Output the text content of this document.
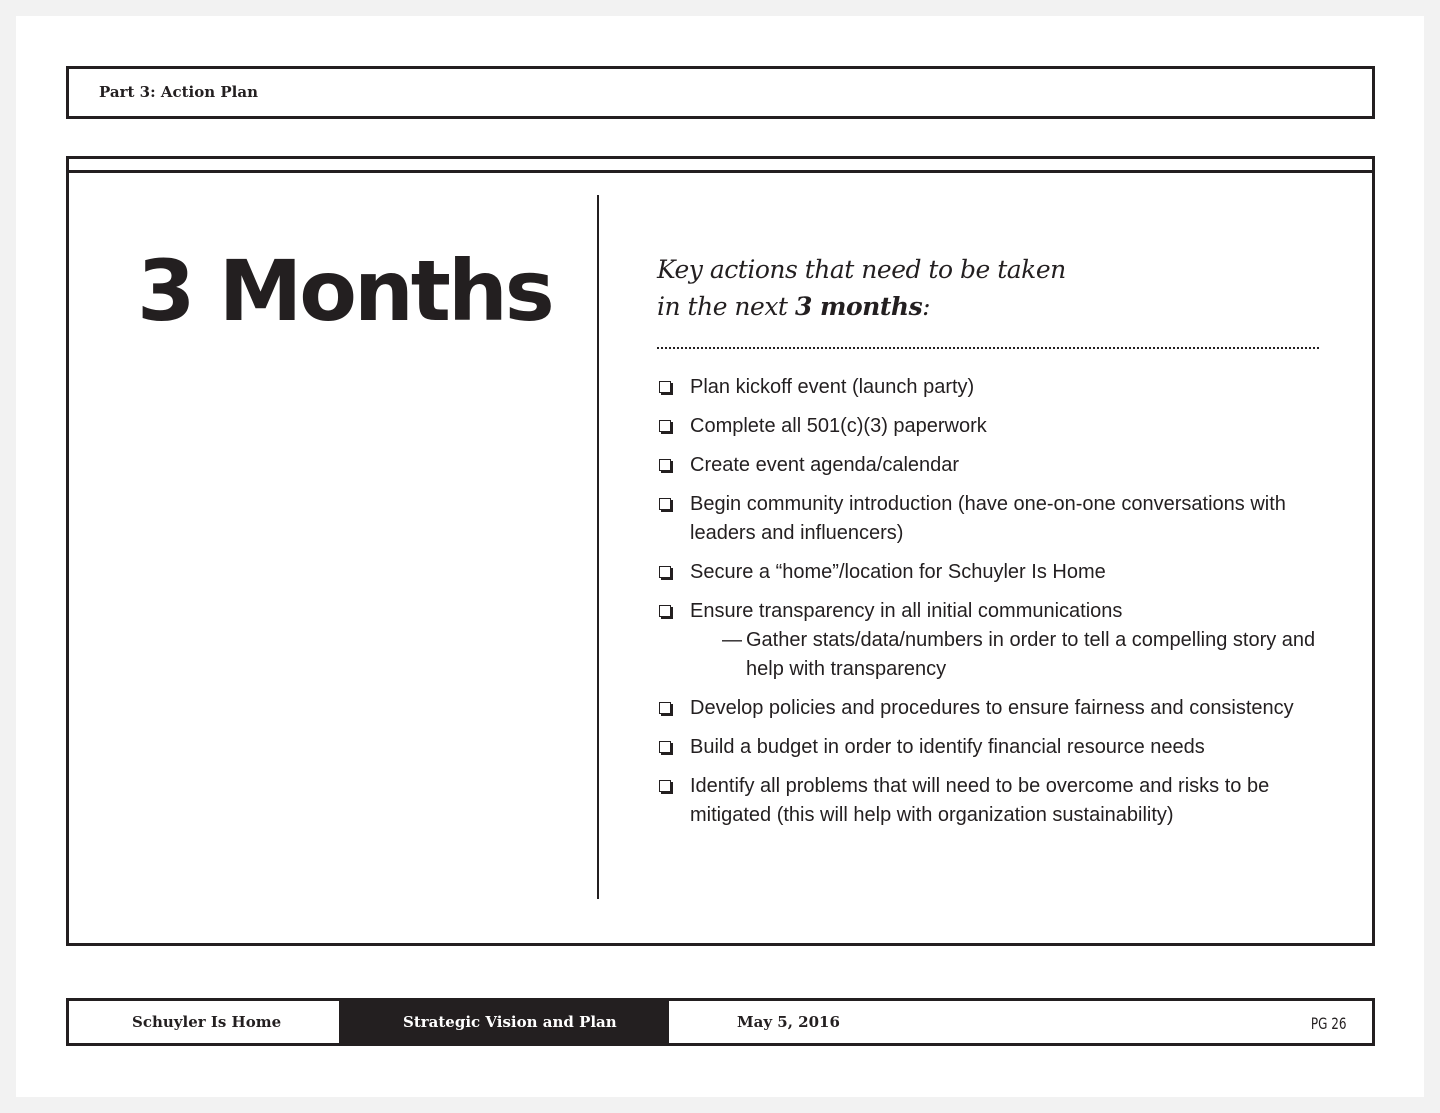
Part 3: Action Plan
3 Months	Key actions that need to be taken
in the next 3 months:
Plan kickoff event (launch party)
Complete all 501(c)(3) paperwork
Create event agenda/calendar
Begin community introduction (have one-on-one conversations with leaders and influencers)
Secure a “home”/location for Schuyler Is Home
Ensure transparency in all initial communications
— Gather stats/data/numbers in order to tell a compelling story and help with transparency
Develop policies and procedures to ensure fairness and consistency
Build a budget in order to identify financial resource needs
Identify all problems that will need to be overcome and risks to be mitigated (this will help with organization sustainability)
Schuyler Is Home	Strategic Vision and Plan	May 5, 2016	PG 26
